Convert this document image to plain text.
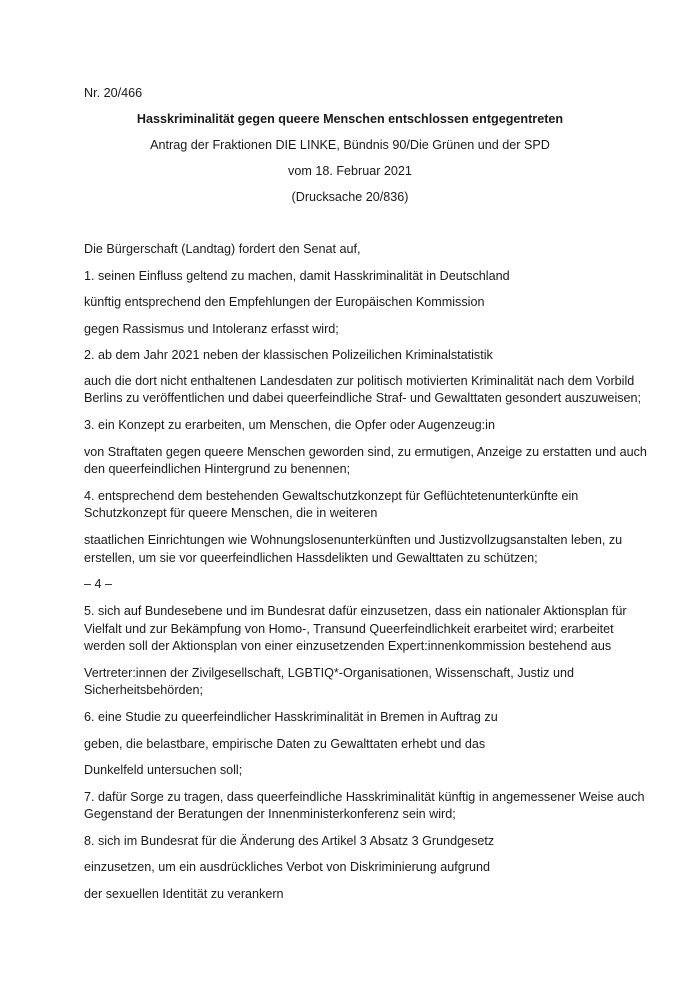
Nr. 20/466

Hasskriminalität gegen queere Menschen entschlossen entgegentreten

Antrag der Fraktionen DIE LINKE, Bündnis 90/Die Grünen und der SPD

vom 18. Februar 2021

(Drucksache 20/836)

Die Bürgerschaft (Landtag) fordert den Senat auf,

1. seinen Einfluss geltend zu machen, damit Hasskriminalität in Deutschland

künftig entsprechend den Empfehlungen der Europäischen Kommission

gegen Rassismus und Intoleranz erfasst wird;

2. ab dem Jahr 2021 neben der klassischen Polizeilichen Kriminalstatistik

auch die dort nicht enthaltenen Landesdaten zur politisch motivierten Kriminalität nach dem Vorbild

Berlins zu veröffentlichen und dabei queerfeindliche Straf- und Gewalttaten gesondert auszuweisen;

3. ein Konzept zu erarbeiten, um Menschen, die Opfer oder Augenzeug:in

von Straftaten gegen queere Menschen geworden sind, zu ermutigen, Anzeige zu erstatten und auch

den queerfeindlichen Hintergrund zu benennen;

4. entsprechend dem bestehenden Gewaltschutzkonzept für Geflüchtetenunterkünfte ein

Schutzkonzept für queere Menschen, die in weiteren

staatlichen Einrichtungen wie Wohnungslosenunterkünften und Justizvollzugsanstalten leben, zu

erstellen, um sie vor queerfeindlichen Hassdelikten und Gewalttaten zu schützen;

– 4 –

5. sich auf Bundesebene und im Bundesrat dafür einzusetzen, dass ein nationaler Aktionsplan für

Vielfalt und zur Bekämpfung von Homo-, Transund Queerfeindlichkeit erarbeitet wird; erarbeitet

werden soll der Aktionsplan von einer einzusetzenden Expert:innenkommission bestehend aus

Vertreter:innen der Zivilgesellschaft, LGBTIQ*-Organisationen, Wissenschaft, Justiz und

Sicherheitsbehörden;

6. eine Studie zu queerfeindlicher Hasskriminalität in Bremen in Auftrag zu

geben, die belastbare, empirische Daten zu Gewalttaten erhebt und das

Dunkelfeld untersuchen soll;

7. dafür Sorge zu tragen, dass queerfeindliche Hasskriminalität künftig in angemessener Weise auch

Gegenstand der Beratungen der Innenministerkonferenz sein wird;

8. sich im Bundesrat für die Änderung des Artikel 3 Absatz 3 Grundgesetz

einzusetzen, um ein ausdrückliches Verbot von Diskriminierung aufgrund

der sexuellen Identität zu verankern
